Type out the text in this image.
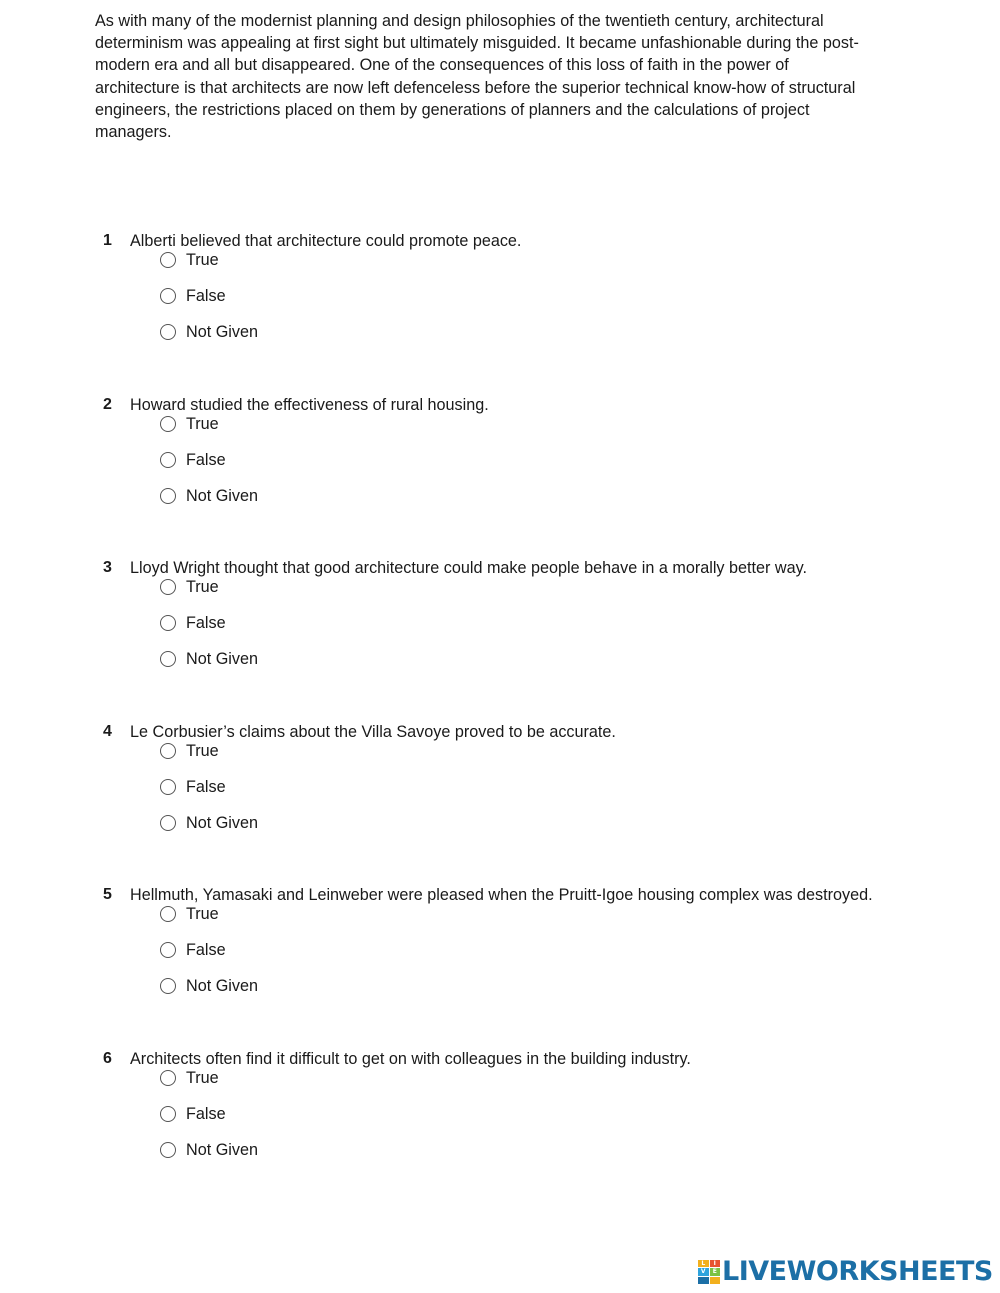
As with many of the modernist planning and design philosophies of the twentieth century, architectural

determinism was appealing at first sight but ultimately misguided. It became unfashionable during the post-

modern era and all but disappeared. One of the consequences of this loss of faith in the power of

architecture is that architects are now left defenceless before the superior technical know-how of structural

engineers, the restrictions placed on them by generations of planners and the calculations of project

managers.

1 Alberti believed that architecture could promote peace.
True
False
Not Given
2 Howard studied the effectiveness of rural housing.
True
False
Not Given
3 Lloyd Wright thought that good architecture could make people behave in a morally better way.
True
False
Not Given
4 Le Corbusier’s claims about the Villa Savoye proved to be accurate.
True
False
Not Given
5 Hellmuth, Yamasaki and Leinweber were pleased when the Pruitt-Igoe housing complex was destroyed.
True
False
Not Given
6 Architects often find it difficult to get on with colleagues in the building industry.
True
False
Not Given
L	I
V	E LIVEWORKSHEETS
